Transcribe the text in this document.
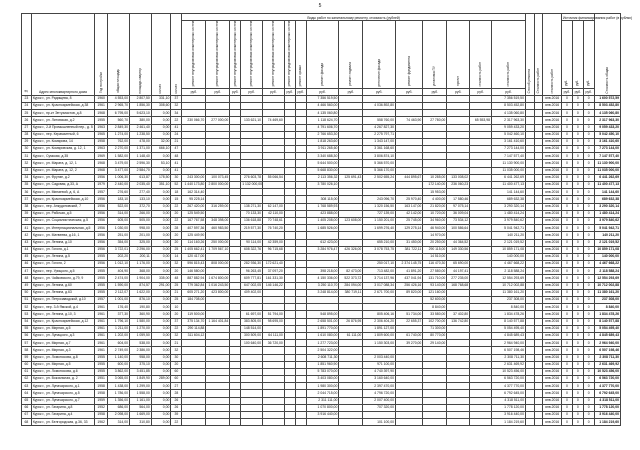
5
№	Адрес многоквартирного дома	Год постройки	общая площадь	площадь квартир	кол-во	кол-во	Виды работ по капитальному ремонту, стоимость (рублей)															Способ ремонта	Стоимость работ	стоимость работ	Источник финансирования работ (в рублях)			Стоимость общая
							ремонт внутридомовых инженерных систем	ремонт внутридомовых инженерных систем	ремонт внутридомовых инженерных систем	ремонт внутридомовых инженерных систем	ремонт внутридомовых инженерных систем	ремонт внутридомовых инженерных систем	ремонт крыши	ремонт фасада	ремонт подвала	утепление фасада	ремонт фундамента	установка ПУ	проект	стоимость работ	стоимость работ				руб.	руб.	руб.	
							руб.	руб.	руб.	руб.	руб.	руб.	руб.	руб.	руб.	руб.	руб.	руб.	руб.	руб.	руб.				руб.	руб.	руб.	
23	Курск г., ул. Радищева, 8	1960	4 553,00	2 807,50	331,10	37								7 356 519,50							7 356 519,50			янв.2016	0	0	0	1 600 572,59
24	Курск г., ул. Красноармейская, д.38	1961	2 965,70	1 856,30	308,60	32								4 466 560,00		4 036 892,80					8 503 452,80			янв.2016	0	0	0	8 503 452,80
25	Курск г., пр-кт Энтузиастов, д.8	1968	6 795,00	5 623,10	0,00	34								4 135 060,80							4 135 060,80			янв.2016	0	0	0	4 135 060,80
26	Курск г., ул. Литовская, д.2	1955	560,70	380,00	0,00	22	230 066,70	277 000,00		133 621,10	74 469,60			1 118 624,70		558 760,00	74 463,90	27 780,00		65 553,98	2 317 963,30			янв.2016	0	0	0	2 317 963,30
27	Курск г., 2-й Промышленный пер., д. 5	1963	2 849,30	2 461,40	0,00	41								4 791 606,70		4 267 827,30					9 059 433,20			янв.2016	0	0	0	9 059 433,20
28	Курск г., пер. Керамзитный, 6	1965	1 274,00	1 238,50	0,00	24								2 766 653,30		2 275 797,71					5 042 460,10			янв.2016	0	0	0	5 042 450,10
29	Курск г., ул. Комарова, 14	1958	762,00	478,00	32,00	21								1 818 263,60		1 343 147,00					3 161 410,60			янв.2016	0	0	0	3 161 410,60
30	Курск г., ул. Комаровская, д. 12, 1	1963	2 270,00	1 371,00	666,10	47								3 911 265,60		3 361 168,60					7 273 144,00			янв.2016	0	0	0	7 273 144,00
31	Курск г., Сумская, д.35	1969	1 582,00	1 148,40	0,00	48								3 340 688,30		3 806 874,10					7 147 577,40			янв.2016	0	0	0	7 147 577,40
32	Курск г., ул. Марата, д. 12, 1	1968	3 479,00	2 596,30	53,10	41								5 644 500,00		5 366 570,00					11 130 900,00			янв.2016	0	0	0	11 130 900,00
33	Курск г., ул. Марата, д. 12, 2	1968	3 477,00	2 584,70	0,00	41								5 668 830,00		5 366 170,00					11 035 000,00			янв.2016	0	0	0	11 035 000,00
34	Курск г., ул. Фрунзе, д.2	1956	1 006,30	613,87	178,50	30	243 300,00	100 073,45		276 603,78	55 066,54			2 113 356,32	125 691,43	2 502 655,24	444 895,67	10 285,00	133 008,02		6 441 262,69			янв.2016	0	0	0	6 441 262,69
35	Курск г., ул. Садовая, д.33, А	1979	2 440,00	2 035,40	351,10	52	1 440 173,80	2 800 000,00		1 132 000,00				3 780 026,10				172 140,00	236 060,23		11 400 477,13			янв.2016	0	0	0	11 400 477,13
36	Курск г., ул. Минаевой, д. 6, А	1957	276,60	277,40	0,00	18	162 314,40											15 953,00			141 144,60			янв.2016	0	0	0	141 144,60
37	Курск г., ул. Красноармейская, д.10	1956	183,10	133,10	0,00	15	95 225,14							308 115,00		243 096,70	25 970,40	4 400,00	17 580,46		689 632,38			янв.2016	0	0	0	689 632,38
38	Курск г., пер. Анкудиновский, 7	1956	522,00	372,70	0,00	22	267 420,00	316 259,00		138 271,30	62 147,00			1 768 589,93		1 320 156,50	163 147,00	21 820,00	97 075,14		3 290 320,14			янв.2016	0	0	0	3 290 320,14
39	Курск г., ул. Рабочая, д.5	1956	314,00	266,00	0,00	20	125 549,50			70 133,30	42 110,00			423 888,00		727 139,00	42 142,00	10 720,00	36 009,04		1 480 414,24			янв.2016	0	0	0	1 480 414,24
40	Курск г., ул. Социалистическая, д.5	1956	605,00	505,00	0,00	22	167 767,58	348 398,00		136 618,88	70 748,61			1 405 208,00	123 608,00	1 150 201,00	25 745,00	34 960,00	73 534,12		3 979 840,62			янв.2016	0	0	0	3 979 840,62
41	Курск г., ул. Интернациональная, д.5	1956	1 030,00	998,00	0,00	28	407 597,36	460 983,50		219 577,30	76 740,20			1 685 526,00		1 699 276,40	129 275,14	46 940,00	100 586,64		5 041 942,71			янв.2016	0	0	0	5 041 942,71
42	Курск г., ул. Матвеева, д.16, 1	1956	251,00	201,00	0,00	20	125 449,90											14 970,00			140 211,20			янв.2016	0	0	0	140 211,20
43	Курск г., ул. Ленина, д.10	1956	354,00	325,00	0,00	20	114 160,26	250 000,00		90 114,00	42 359,00			612 423,00		655 210,00	31 450,00	20 250,00	44 364,52		2 121 019,52			янв.2016	0	0	0	2 121 019,52
44	Курск г., ул. Гоголя, д.1	1956	3 722,01	2 296,00	0,00	25	1 405 662,41	1 709 567,10		608 322,76	96 715,68			3 284 976,47	426 326,00	3 078 753,75	381 722,11	290 115,00	149 330,56		10 859 171,08			янв.2016	0	0	0	10 859 171,08
45	Курск г., ул. Ленина, д.5	1955	202,20	200,11	0,00	14	120 417,00											14 510,00			140 000,00			янв.2016	0	0	0	140 000,00
46	Курск г., ул. Гоголя, 2	1956	1 012,10	1 176,00	0,00	32	596 815,43	808 000,00		282 936,30	172 621,40					250 017,10	2 374 145,75	116 470,30	65 690,00		4 467 668,22			янв.2016	0	0	0	4 467 668,22
47	Курск г., пер. Урицкого, д.5	1955	404,90	368,00	0,00	20	146 580,00			96 263,45	37 097,20			398 218,00	82 473,00	713 482,00	41 891,20	27 580,00	44 197,41		2 118 588,24			янв.2016	0	0	0	2 118 588,24
48	Курск г., ул. Чайковского, д.79, 9	1955	2 474,00	1 904,00	335,00	48	887 882,94	1 674 800,00		609 777,81	161 331,30			4 150 336,00	522 373,72	3 714 137,96	437 041,94	131 710,00	277 235,00		12 554 293,69			янв.2016	0	0	0	12 554 293,69
49	Курск г., ул. Ленина, д.60	1955	1 590,00	874,57	291,00	25	779 362,84	1 016 243,50		647 002,05	146 146,22			3 250 110,70	284 094,00	3 017 088,34	256 426,16	93 140,00	168 768,68		10 712 002,88			янв.2016	0	0	0	10 712 002,88
50	Курск г., ул. Ленина, д.63	1955	2 112,07	1 622,00	0,00	21	605 271,20	423 800,00		409 402,00				3 248 814,00	380 719,11	2 671 700,00	89 820,00	121 160,00			11 380 161,20			янв.2016	0	0	0	11 380 161,20
51	Курск г., ул. Петрозаводской, д.10	1957	1 001,00	876,10	0,00	25	184 708,00											52 600,00			237 308,00			янв.2016	0	0	0	237 308,00
52	Курск г., пер. 3-й Ямской, д.4	1961	176,40	190,80	0,00	10												8 840,00			8 840,00			янв.2016	0	0	0	8 840,00
53	Курск г., ул. Ленина, д.10, 3	1961	377,30	360,90	0,00	20	119 500,00			61 697,00	51 794,00			548 895,00		805 406,16	51 734,00	33 580,00	37 402,80		1 834 478,26			янв.2016	0	0	0	1 834 478,26
54	Курск г., ул. Красноармейская, д.12	1961	1 796,10	1 580,00	0,00	37	375 134,70	1 164 401,84		383 805,00	98 695,00			2 658 501,00	26 876,95	2 306 404,20	22 655,37	102 700,00	136 742,80		8 140 577,88			янв.2016	0	0	0	8 140 577,88
55	Курск г., ул. Мирная, д.5	1961	1 211,00	1 270,00	0,00	22	290 114,88			148 514,00				1 891 770,00		1 891 127,00		71 300,00			5 054 495,40			янв.2016	0	0	0	5 054 495,40
56	Курск г., ул. Лунацкого, д.3	1961	1 202,00	1 059,50	0,00	32	311 604,12			300 509,00	64 111,00			1 610 080,00	61 111,00	1 809 600,00	61 740,00	80 770,00			4 845 689,43			янв.2016	0	0	0	4 845 689,43
57	Курск г., ул. Мирная, д.7	1961	604,00	538,00	0,00	21				100 640,00	36 720,00			1 277 723,00		1 150 303,00	39 270,00	29 140,00			2 964 940,00			янв.2016	0	0	0	2 964 940,00
58	Курск г., ул. Мирная, д.3	1961	2 749,00	2 386,00	0,00	32								2 504 322,00							6 507 198,46			янв.2016	0	0	0	6 507 198,46
59	Курск г., ул. Ломоносова, д.8	1955	1 140,00	958,00	0,00	30								2 608 711,30		2 003 440,00					2 308 711,30			янв.2016	0	0	0	2 308 711,30
60	Курск г., ул. Мирная, д.5	1955	600,00	375,10	0,00	20								1 851 960,90		971 100,00					2 631 469,92			янв.2016	0	0	0	2 631 469,92
61	Курск г., ул. Ломоносова, д.6	1955	3 862,00	3 451,85	0,00	60								5 783 070,00		4 740 397,90					10 523 456,00			янв.2016	0	0	0	10 523 456,00
62	Курск г., ул. Вокзальная, д. 2	1951	3 065,00	1 849,90	289,00	60								3 403 080,00		3 160 640,00					6 563 720,00			янв.2016	0	0	0	6 563 720,00
63	Курск г., ул. Луначарского, д.1	1958	1 438,00	1 299,00	0,00	27								1 980 300,00		2 397 470,00					4 377 770,00			янв.2016	0	0	0	4 377 770,00
64	Курск г., ул. Луначарского, д.5	1958	1 786,00	1 558,00	0,00	28								2 044 715,00		4 796 720,00					6 792 645,00			янв.2016	0	0	0	6 792 645,00
65	Курск г., ул. Луначарского, д.7	1959	1 356,00	1 161,00	0,00	26								2 311 111,00		2 007 400,00					4 318 511,00			янв.2016	0	0	0	4 318 511,00
66	Курск г., ул. Гагарина, д.8	1952	686,00	564,00	0,00	26								1 070 800,00		707 320,00					1 778 120,00			янв.2016	0	0	0	1 778 120,00
67	Курск г., ул. Гагарина, д.4	1958	2 098,00	1 669,00	0,00	39								3 916 440,00							3 916 440,00			янв.2016	0	0	0	3 916 440,00
68	Курск г., ул. Белгородская, д.36, 33	1962	314,00	310,80	0,00	22										101 100,00					1 184 219,60			янв.2016	0	0	0	1 184 219,60
